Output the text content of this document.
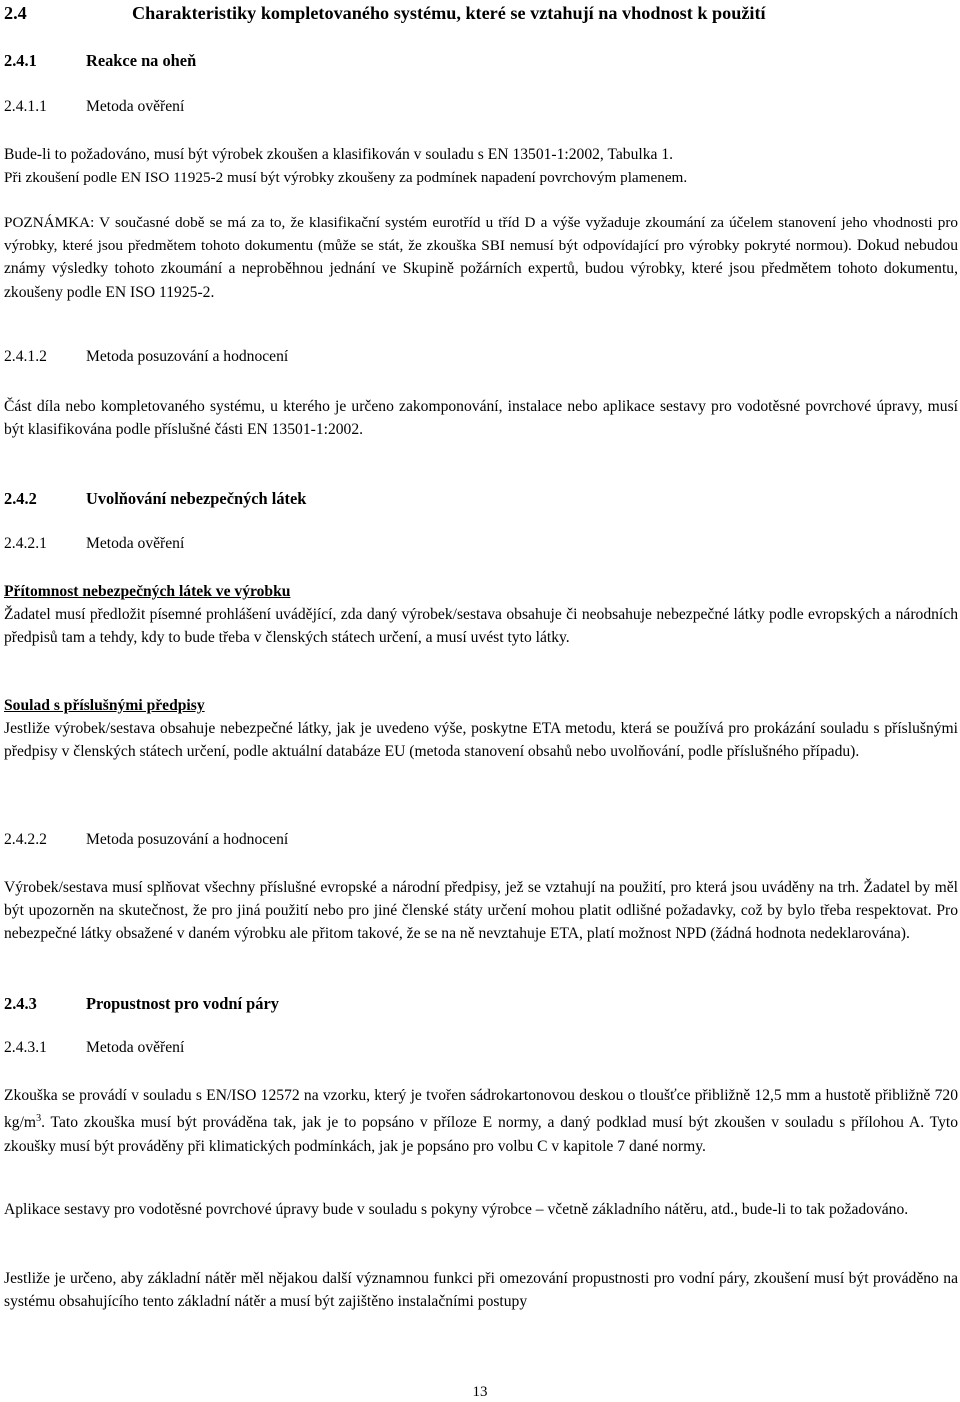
2.4	Charakteristiky kompletovaného systému, které se vztahují na vhodnost k použití
2.4.1	Reakce na oheň
2.4.1.1	Metoda ověření

Bude-li to požadováno, musí být výrobek zkoušen a klasifikován v souladu s EN 13501-1:2002, Tabulka 1.

Při zkoušení podle EN ISO 11925-2 musí být výrobky zkoušeny za podmínek napadení povrchovým plamenem.

POZNÁMKA: V současné době se má za to, že klasifikační systém eurotříd u tříd D a výše vyžaduje zkoumání za účelem stanovení jeho vhodnosti pro výrobky, které jsou předmětem tohoto dokumentu (může se stát, že zkouška SBI nemusí být odpovídající pro výrobky pokryté normou). Dokud nebudou známy výsledky tohoto zkoumání a neproběhnou jednání ve Skupině požárních expertů, budou výrobky, které jsou předmětem tohoto dokumentu, zkoušeny podle EN ISO 11925-2.

2.4.1.2	Metoda posuzování a hodnocení

Část díla nebo kompletovaného systému, u kterého je určeno zakomponování, instalace nebo aplikace sestavy pro vodotěsné povrchové úpravy, musí být klasifikována podle příslušné části EN 13501-1:2002.

2.4.2	Uvolňování nebezpečných látek
2.4.2.1	Metoda ověření

Přítomnost nebezpečných látek ve výrobku

Žadatel musí předložit písemné prohlášení uvádějící, zda daný výrobek/sestava obsahuje či neobsahuje nebezpečné látky podle evropských a národních předpisů tam a tehdy, kdy to bude třeba v členských státech určení, a musí uvést tyto látky.

Soulad s příslušnými předpisy

Jestliže výrobek/sestava obsahuje nebezpečné látky, jak je uvedeno výše, poskytne ETA metodu, která se používá pro prokázání souladu s příslušnými předpisy v členských státech určení, podle aktuální databáze EU (metoda stanovení obsahů nebo uvolňování, podle příslušného případu).

2.4.2.2	Metoda posuzování a hodnocení

Výrobek/sestava musí splňovat všechny příslušné evropské a národní předpisy, jež se vztahují na použití, pro která jsou uváděny na trh. Žadatel by měl být upozorněn na skutečnost, že pro jiná použití nebo pro jiné členské státy určení mohou platit odlišné požadavky, což by bylo třeba respektovat. Pro nebezpečné látky obsažené v daném výrobku ale přitom takové, že se na ně nevztahuje ETA, platí možnost NPD (žádná hodnota nedeklarována).

2.4.3	Propustnost pro vodní páry
2.4.3.1	Metoda ověření

Zkouška se provádí v souladu s EN/ISO 12572 na vzorku, který je tvořen sádrokartonovou deskou o tloušťce přibližně 12,5 mm a hustotě přibližně 720 $kg/m^3$. Tato zkouška musí být prováděna tak, jak je to popsáno v příloze E normy, a daný podklad musí být zkoušen v souladu s přílohou A. Tyto zkoušky musí být prováděny při klimatických podmínkách, jak je popsáno pro volbu C v kapitole 7 dané normy.

Aplikace sestavy pro vodotěsné povrchové úpravy bude v souladu s pokyny výrobce – včetně základního nátěru, atd., bude-li to tak požadováno.

Jestliže je určeno, aby základní nátěr měl nějakou další významnou funkci při omezování propustnosti pro vodní páry, zkoušení musí být prováděno na systému obsahujícího tento základní nátěr a musí být zajištěno instalačními postupy

13
